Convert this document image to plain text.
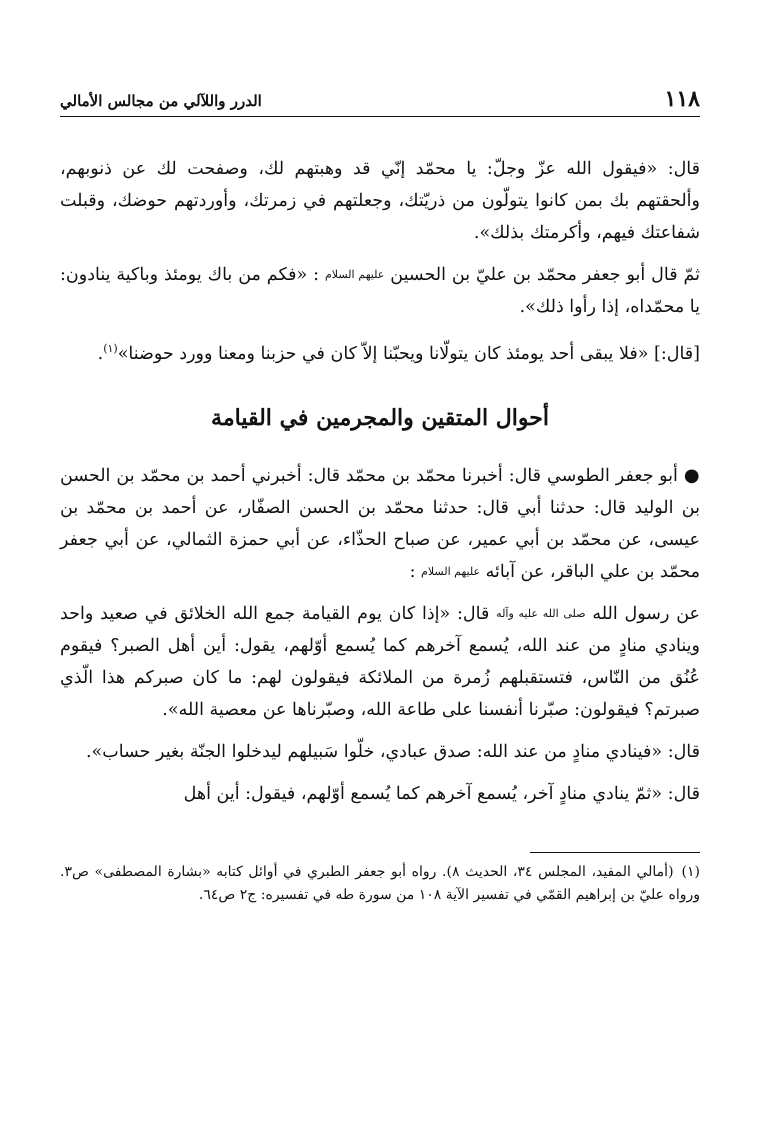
١١٨
الدرر واللآلي من مجالس الأمالي

قال: «فيقول الله عزّ وجلّ: يا محمّد إنّي قد وهبتهم لك، وصفحت لك عن ذنوبهم، وألحقتهم بك بمن كانوا يتولّون من ذريّتك، وجعلتهم في زمرتك، وأوردتهم حوضك، وقبلت شفاعتك فيهم، وأكرمتك بذلك».

ثمّ قال أبو جعفر محمّد بن عليّ بن الحسين عليهم السلام : «فكم من باك يومئذ وباكية ينادون: يا محمّداه، إذا رأوا ذلك».

[قال:] «فلا يبقى أحد يومئذ كان يتولّانا ويحبّنا إلاّ كان في حزبنا ومعنا وورد حوضنا»$^{(١)}$.

أحوال المتقين والمجرمين في القيامة

● أبو جعفر الطوسي قال: أخبرنا محمّد بن محمّد قال: أخبرني أحمد بن محمّد بن الحسن بن الوليد قال: حدثنا أبي قال: حدثنا محمّد بن الحسن الصفّار، عن أحمد بن محمّد بن عيسى، عن محمّد بن أبي عمير، عن صباح الحذّاء، عن أبي حمزة الثمالي، عن أبي جعفر محمّد بن علي الباقر، عن آبائه عليهم السلام :

عن رسول الله صلى الله عليه وآله قال: «إذا كان يوم القيامة جمع الله الخلائق في صعيد واحد وينادي منادٍ من عند الله، يُسمع آخرهم كما يُسمع أوّلهم، يقول: أين أهل الصبر؟ فيقوم عُنُق من النّاس، فتستقبلهم زُمرة من الملائكة فيقولون لهم: ما كان صبركم هذا الّذي صبرتم؟ فيقولون: صبّرنا أنفسنا على طاعة الله، وصبّرناها عن معصية الله».

قال: «فينادي منادٍ من عند الله: صدق عبادي، خلّوا سَبيلهم ليدخلوا الجنّة بغير حساب».

قال: «ثمّ ينادي منادٍ آخر، يُسمع آخرهم كما يُسمع أوّلهم، فيقول: أين أهل

(١)(أمالي المفيد، المجلس ٣٤، الحديث ٨). رواه أبو جعفر الطبري في أوائل كتابه «بشارة المصطفى» ص٣. ورواه عليّ بن إبراهيم القمّي في تفسير الآية ١٠٨ من سورة طه في تفسيره: ج٢ ص٦٤.
